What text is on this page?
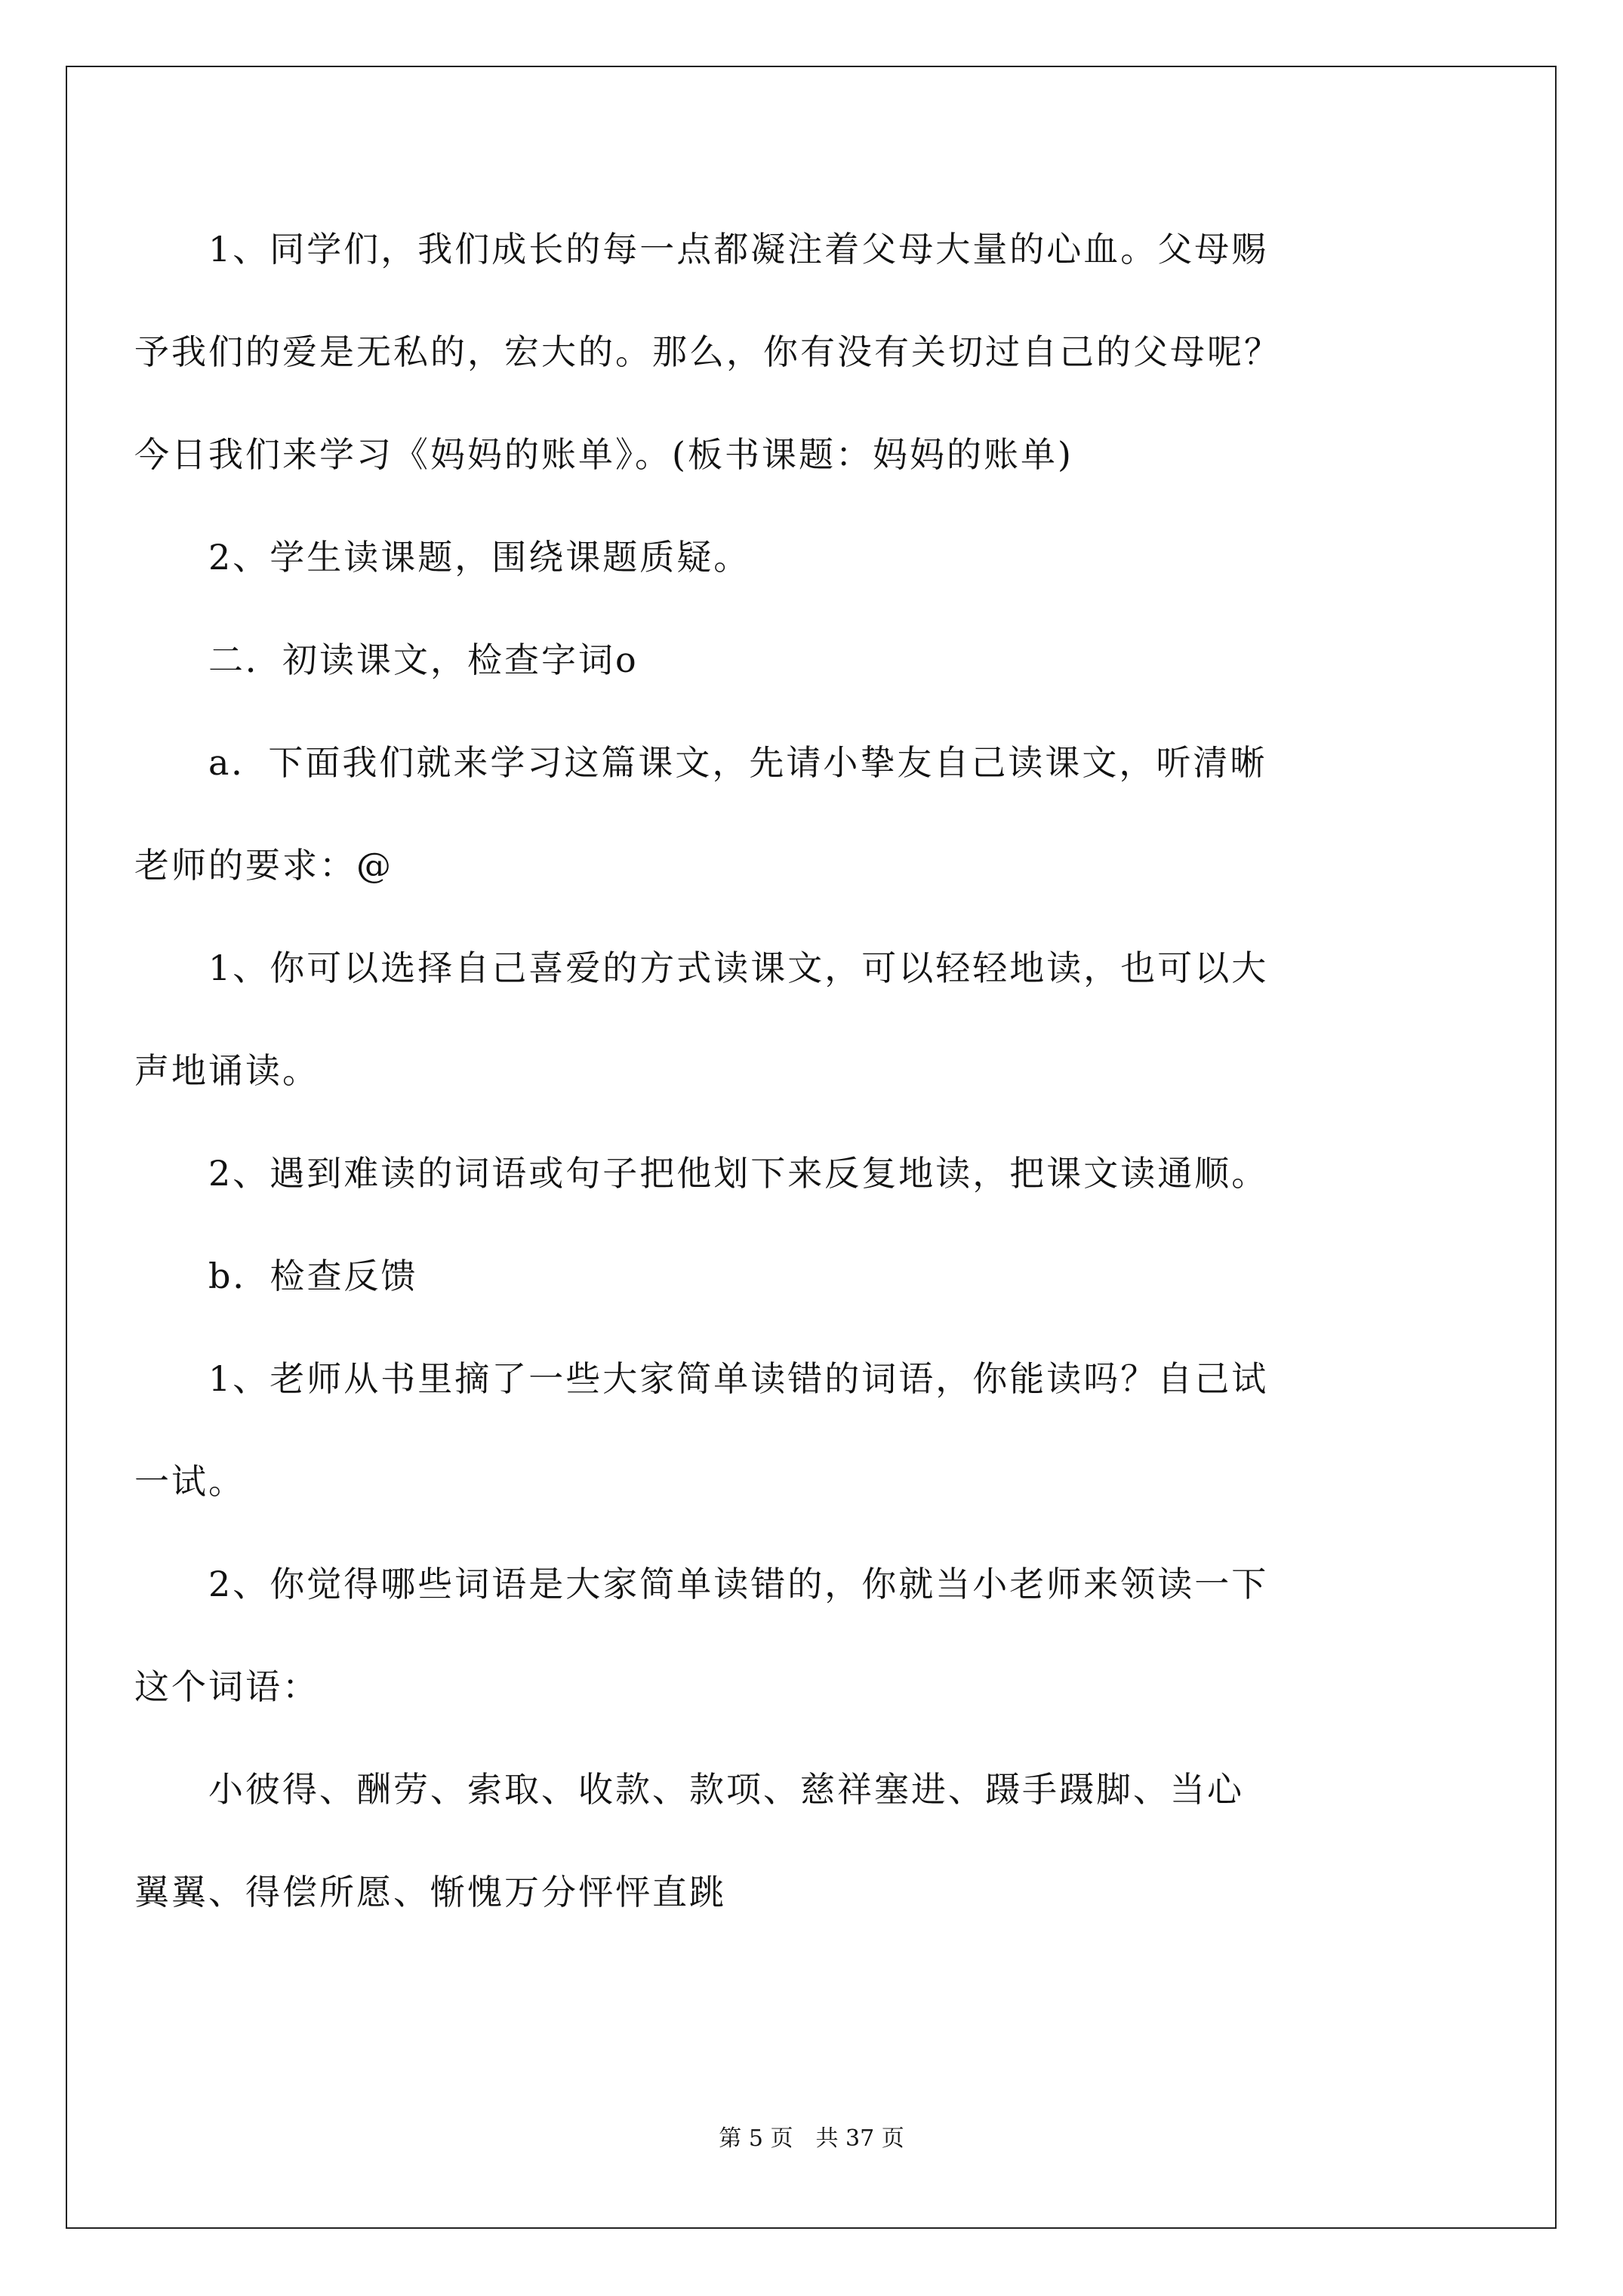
　　1、同学们，我们成长的每一点都凝注着父母大量的心血。父母赐
予我们的爱是无私的，宏大的。那么，你有没有关切过自己的父母呢？
今日我们来学习《妈妈的账单》。(板书课题：妈妈的账单)
　　2、学生读课题，围绕课题质疑。
　　二．初读课文，检查字词o
　　a．下面我们就来学习这篇课文，先请小挚友自己读课文，听清晰
老师的要求：@
　　1、你可以选择自己喜爱的方式读课文，可以轻轻地读，也可以大
声地诵读。
　　2、遇到难读的词语或句子把他划下来反复地读，把课文读通顺。
　　b．检查反馈
　　1、老师从书里摘了一些大家简单读错的词语，你能读吗？自己试
一试。
　　2、你觉得哪些词语是大家简单读错的，你就当小老师来领读一下
这个词语：
　　小彼得、酬劳、索取、收款、款项、慈祥塞进、蹑手蹑脚、当心
翼翼、得偿所愿、惭愧万分怦怦直跳
第 5 页　共 37 页
